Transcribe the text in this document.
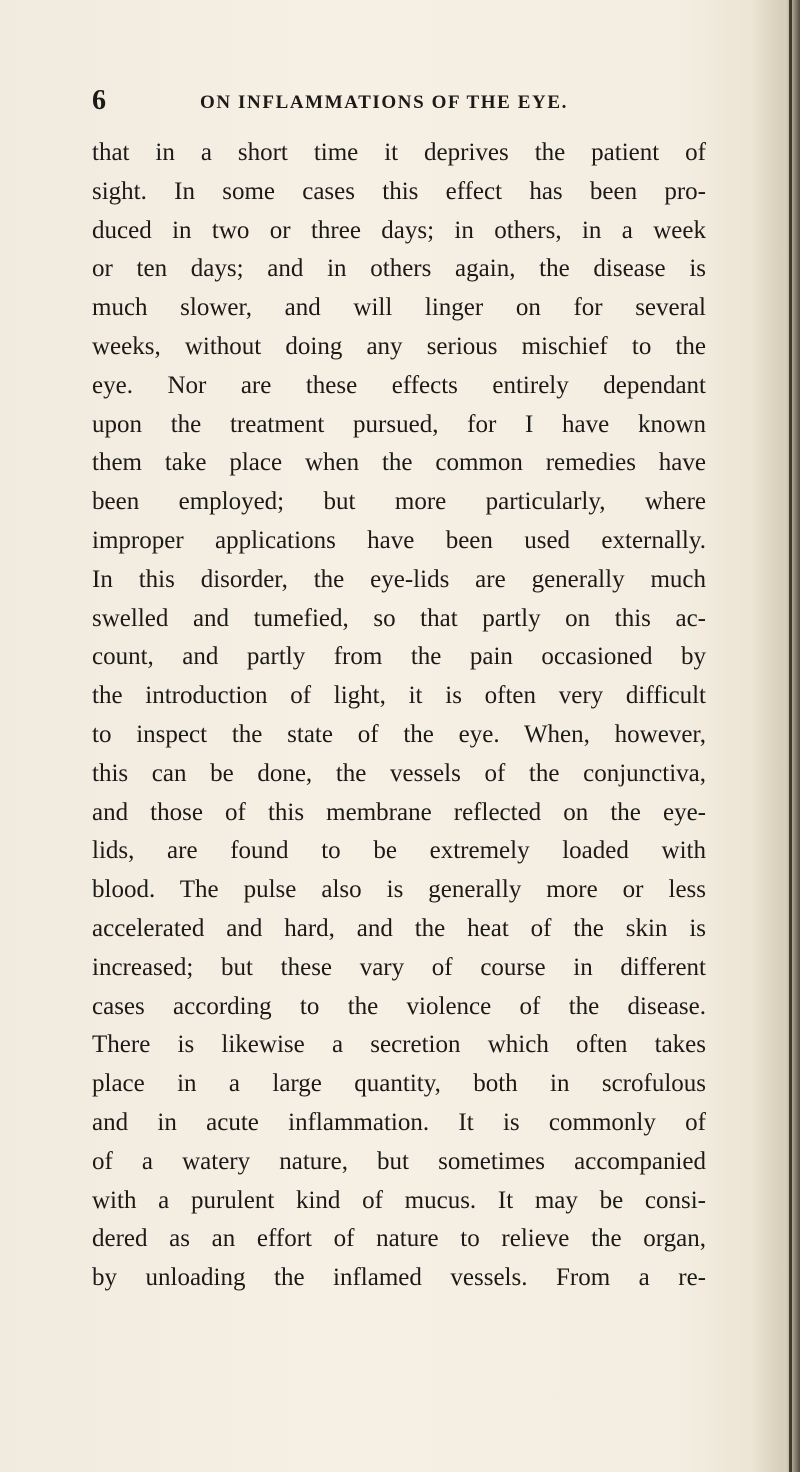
6	ON INFLAMMATIONS OF THE EYE.
that in a short time it deprives the patient of
sight. In some cases this effect has been pro-
duced in two or three days; in others, in a week
or ten days; and in others again, the disease is
much slower, and will linger on for several
weeks, without doing any serious mischief to the
eye. Nor are these effects entirely dependant
upon the treatment pursued, for I have known
them take place when the common remedies have
been employed; but more particularly, where
improper applications have been used externally.
In this disorder, the eye-lids are generally much
swelled and tumefied, so that partly on this ac-
count, and partly from the pain occasioned by
the introduction of light, it is often very difficult
to inspect the state of the eye. When, however,
this can be done, the vessels of the conjunctiva,
and those of this membrane reflected on the eye-
lids, are found to be extremely loaded with
blood. The pulse also is generally more or less
accelerated and hard, and the heat of the skin is
increased; but these vary of course in different
cases according to the violence of the disease.
There is likewise a secretion which often takes
place in a large quantity, both in scrofulous
and in acute inflammation. It is commonly of
of a watery nature, but sometimes accompanied
with a purulent kind of mucus. It may be consi-
dered as an effort of nature to relieve the organ,
by unloading the inflamed vessels. From a re-
